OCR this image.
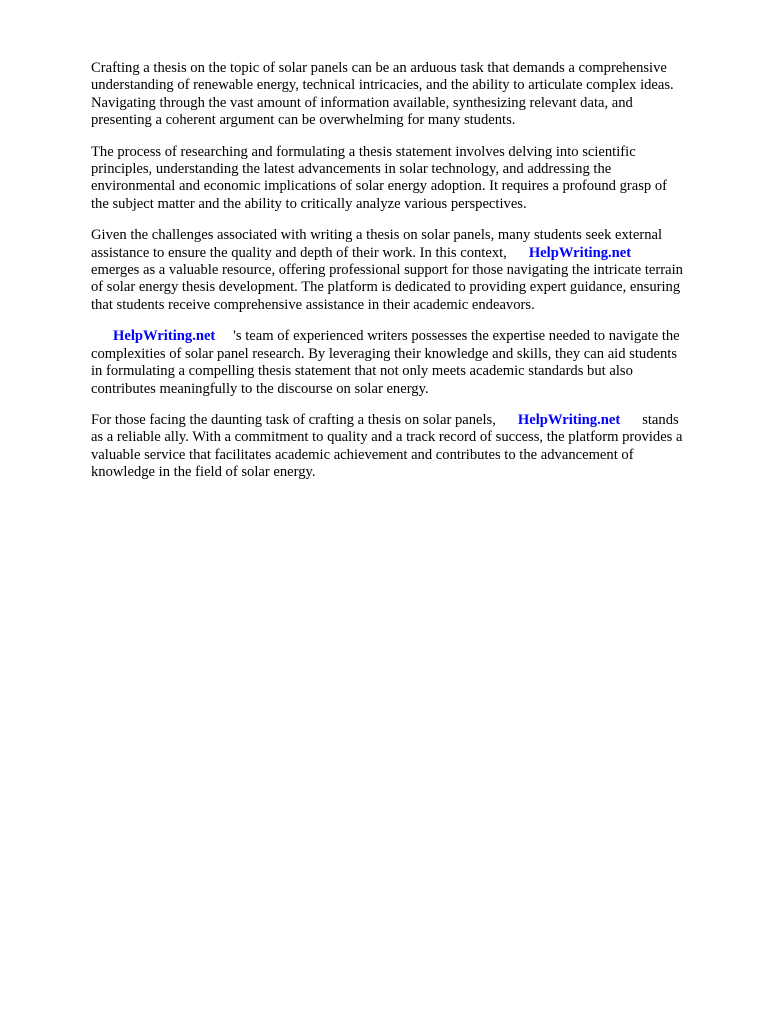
Crafting a thesis on the topic of solar panels can be an arduous task that demands a comprehensive
understanding of renewable energy, technical intricacies, and the ability to articulate complex ideas.
Navigating through the vast amount of information available, synthesizing relevant data, and
presenting a coherent argument can be overwhelming for many students.

The process of researching and formulating a thesis statement involves delving into scientific
principles, understanding the latest advancements in solar technology, and addressing the
environmental and economic implications of solar energy adoption. It requires a profound grasp of
the subject matter and the ability to critically analyze various perspectives.

Given the challenges associated with writing a thesis on solar panels, many students seek external
assistance to ensure the quality and depth of their work. In this context, HelpWriting.net
emerges as a valuable resource, offering professional support for those navigating the intricate terrain
of solar energy thesis development. The platform is dedicated to providing expert guidance, ensuring
that students receive comprehensive assistance in their academic endeavors.

HelpWriting.net 's team of experienced writers possesses the expertise needed to navigate the
complexities of solar panel research. By leveraging their knowledge and skills, they can aid students
in formulating a compelling thesis statement that not only meets academic standards but also
contributes meaningfully to the discourse on solar energy.

For those facing the daunting task of crafting a thesis on solar panels, HelpWriting.net stands
as a reliable ally. With a commitment to quality and a track record of success, the platform provides a
valuable service that facilitates academic achievement and contributes to the advancement of
knowledge in the field of solar energy.
